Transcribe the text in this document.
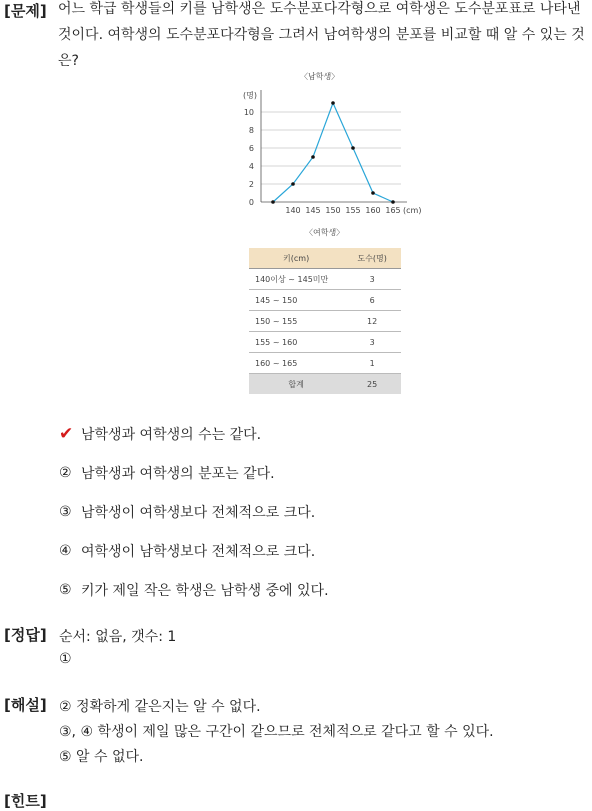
[문제] 어느 학급 학생들의 키를 남학생은 도수분포다각형으로 여학생은 도수분포표로 나타낸 것이다. 여학생의 도수분포다각형을 그려서 남여학생의 분포를 비교할 때 알 수 있는 것은?
〈남학생〉
0
2
4
6
8
10
140 145 150 155 160 165
(명)
(cm)
〈여학생〉
키(cm)	도수(명)
140이상 ~ 145미만	3
145 ~ 150	6
150 ~ 155	12
155 ~ 160	3
160 ~ 165	1
합계	25
✔ 남학생과 여학생의 수는 같다.
② 남학생과 여학생의 분포는 같다.
③ 남학생이 여학생보다 전체적으로 크다.
④ 여학생이 남학생보다 전체적으로 크다.
⑤ 키가 제일 작은 학생은 남학생 중에 있다.
[정답] 순서: 없음, 갯수: 1
①
[해설] ② 정확하게 같은지는 알 수 없다.
③, ④ 학생이 제일 많은 구간이 같으므로 전체적으로 같다고 할 수 있다.
⑤ 알 수 없다.
[힌트]
